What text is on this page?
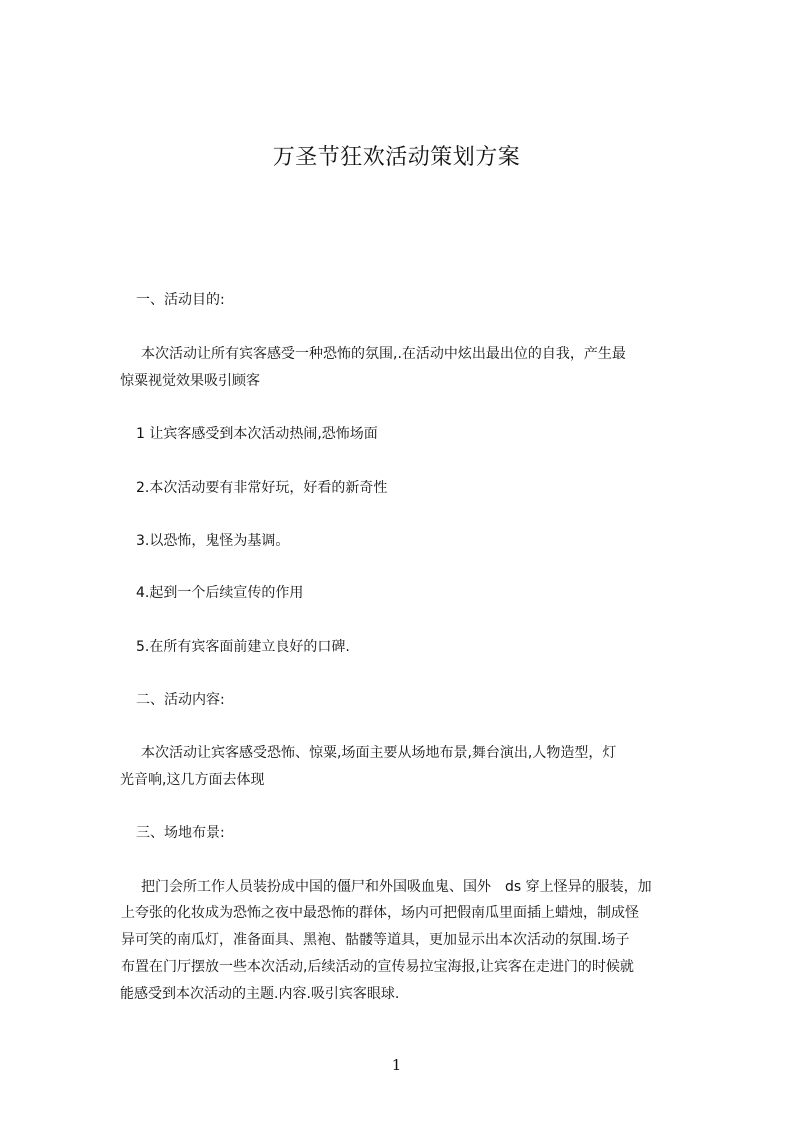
万圣节狂欢活动策划方案
一、活动目的:
本次活动让所有宾客感受一种恐怖的氛围,.在活动中炫出最出位的自我，产生最
惊粟视觉效果吸引顾客
1 让宾客感受到本次活动热闹,恐怖场面
2.本次活动要有非常好玩，好看的新奇性
3.以恐怖，鬼怪为基调。
4.起到一个后续宣传的作用
5.在所有宾客面前建立良好的口碑.
二、活动内容:
本次活动让宾客感受恐怖、惊粟,场面主要从场地布景,舞台演出,人物造型，灯
光音响,这几方面去体现
三、场地布景:
把门会所工作人员装扮成中国的僵尸和外国吸血鬼、国外　ds 穿上怪异的服装，加
上夸张的化妆成为恐怖之夜中最恐怖的群体，场内可把假南瓜里面插上蜡烛，制成怪
异可笑的南瓜灯，准备面具、黑袍、骷髅等道具，更加显示出本次活动的氛围.场子
布置在门厅摆放一些本次活动,后续活动的宣传易拉宝海报,让宾客在走进门的时候就
能感受到本次活动的主题.内容.吸引宾客眼球.
1
